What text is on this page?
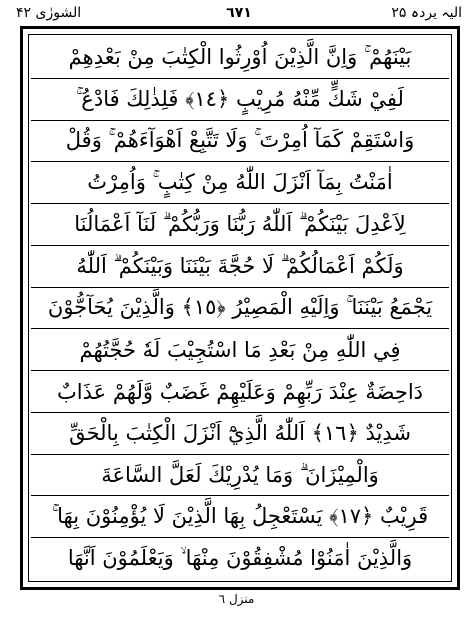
الشورٰی ۴۲	٦٧١	الیہ یردہ ۲۵
بَيْنَهُمْ ۚ وَاِنَّ الَّذِيْنَ اُوْرِثُوا الْكِتٰبَ مِنْ بَعْدِهِمْ
لَفِيْ شَكٍّ مِّنْهُ مُرِيْبٍ ﴿١٤﴾ فَلِذٰلِكَ فَادْعُ ۚ
وَاسْتَقِمْ كَمَآ اُمِرْتَ ۚ وَلَا تَتَّبِعْ اَهْوَآءَهُمْ ۚ وَقُلْ
اٰمَنْتُ بِمَآ اَنْزَلَ اللّٰهُ مِنْ كِتٰبٍ ۚ وَاُمِرْتُ
لِاَعْدِلَ بَيْنَكُمْ ۗ اَللّٰهُ رَبُّنَا وَرَبُّكُمْ ۗ لَنَآ اَعْمَالُنَا
وَلَكُمْ اَعْمَالُكُمْ ۗ لَا حُجَّةَ بَيْنَنَا وَبَيْنَكُمْ ۗ اَللّٰهُ
يَجْمَعُ بَيْنَنَا ۚ وَاِلَيْهِ الْمَصِيْرُ ﴿١٥﴾ وَالَّذِيْنَ يُحَآجُّوْنَ
فِي اللّٰهِ مِنْ بَعْدِ مَا اسْتُجِيْبَ لَهٗ حُجَّتُهُمْ
دَاحِضَةٌ عِنْدَ رَبِّهِمْ وَعَلَيْهِمْ غَضَبٌ وَّلَهُمْ عَذَابٌ
شَدِيْدٌ ﴿١٦﴾ اَللّٰهُ الَّذِيْٓ اَنْزَلَ الْكِتٰبَ بِالْحَقِّ
وَالْمِيْزَانَ ۗ وَمَا يُدْرِيْكَ لَعَلَّ السَّاعَةَ
قَرِيْبٌ ﴿١٧﴾ يَسْتَعْجِلُ بِهَا الَّذِيْنَ لَا يُؤْمِنُوْنَ بِهَا ۚ
وَالَّذِيْنَ اٰمَنُوْا مُشْفِقُوْنَ مِنْهَا ۙ وَيَعْلَمُوْنَ اَنَّهَا
منزل ٦
